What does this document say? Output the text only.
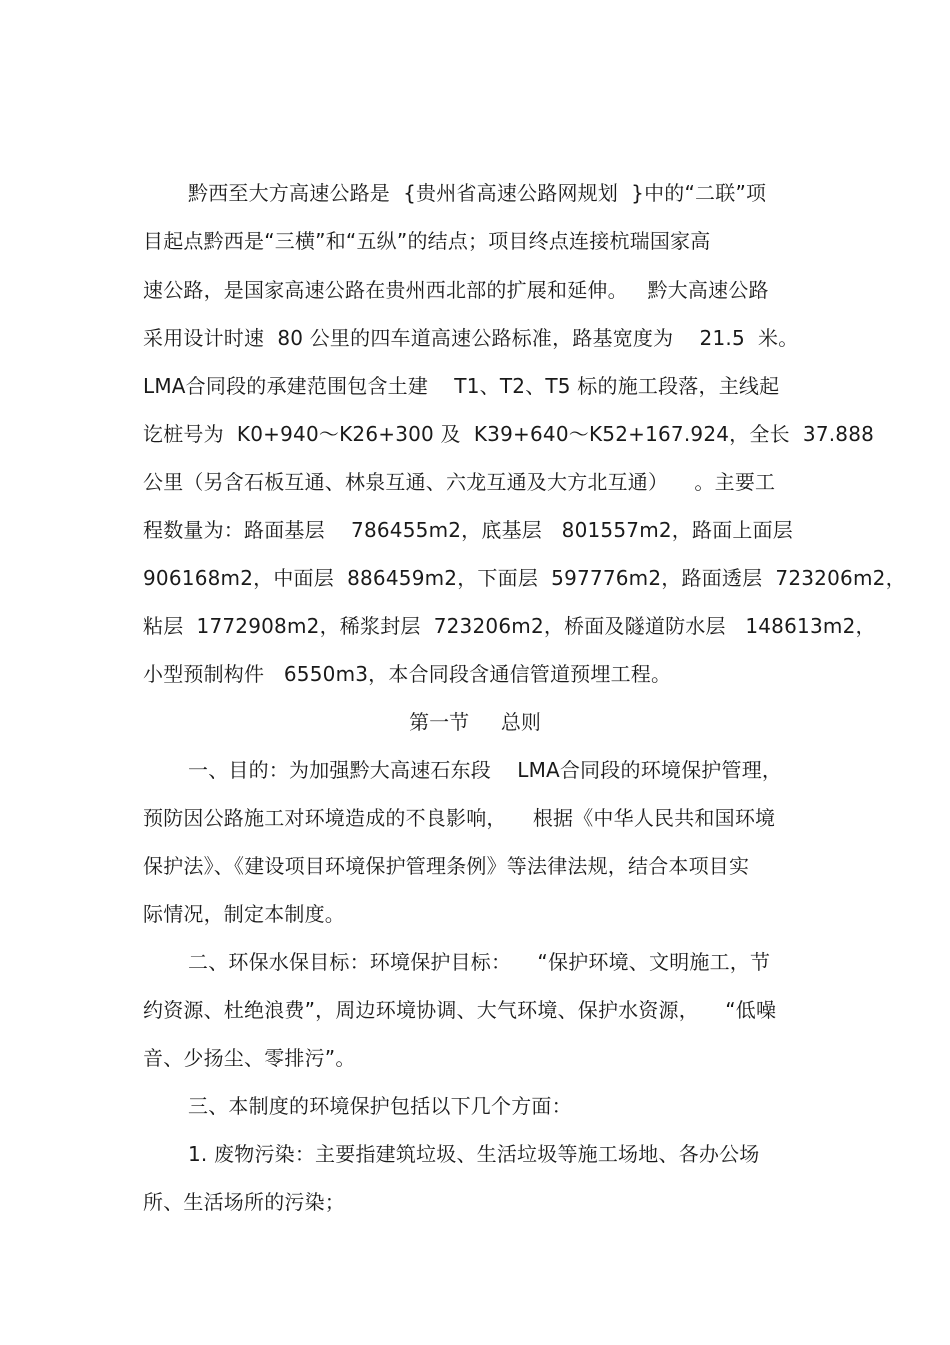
黔西至大方高速公路是  {贵州省高速公路网规划  }中的“二联”项
目起点黔西是“三横”和“五纵”的结点；项目终点连接杭瑞国家高
速公路，是国家高速公路在贵州西北部的扩展和延伸。   黔大高速公路
采用设计时速  80 公里的四车道高速公路标准，路基宽度为    21.5  米。
LMA合同段的承建范围包含土建    T1、T2、T5 标的施工段落，主线起
讫桩号为  K0+940～K26+300 及  K39+640～K52+167.924，全长  37.888
公里（另含石板互通、林泉互通、六龙互通及大方北互通）    。主要工
程数量为：路面基层    786455m2，底基层   801557m2，路面上面层
906168m2，中面层  886459m2，下面层  597776m2，路面透层  723206m2，
粘层  1772908m2，稀浆封层  723206m2，桥面及隧道防水层   148613m2，
小型预制构件   6550m3，本合同段含通信管道预埋工程。
第一节     总则
一、目的：为加强黔大高速石东段    LMA合同段的环境保护管理，
预防因公路施工对环境造成的不良影响，    根据《中华人民共和国环境
保护法》、《建设项目环境保护管理条例》等法律法规，结合本项目实
际情况，制定本制度。
二、环保水保目标：环境保护目标：    “保护环境、文明施工，节
约资源、杜绝浪费”，周边环境协调、大气环境、保护水资源，    “低噪
音、少扬尘、零排污”。
三、本制度的环境保护包括以下几个方面：
1. 废物污染：主要指建筑垃圾、生活垃圾等施工场地、各办公场
所、生活场所的污染；
